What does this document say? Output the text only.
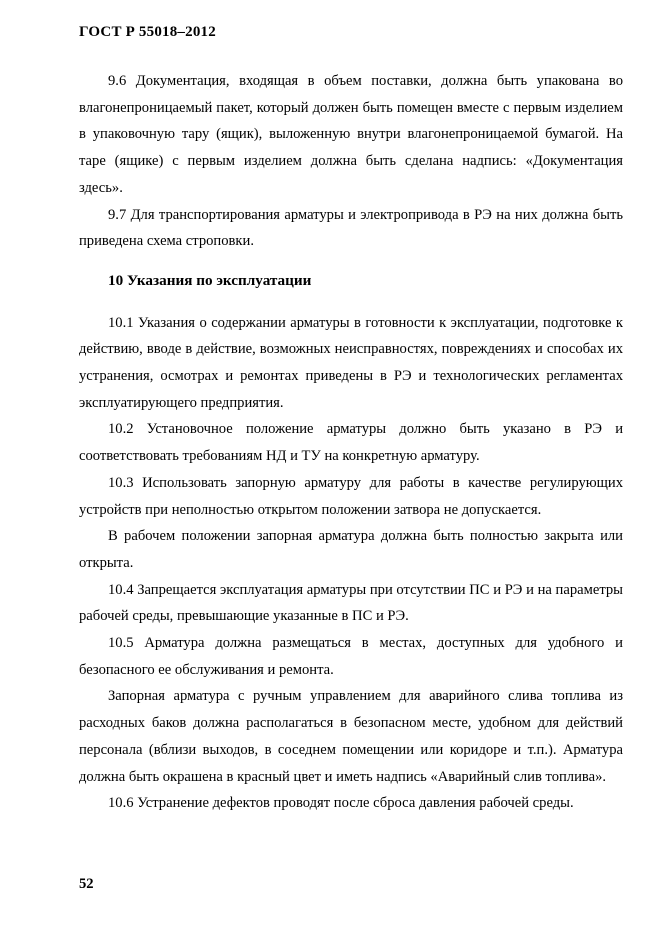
ГОСТ Р 55018–2012

9.6 Документация, входящая в объем поставки, должна быть упакована во влагонепроницаемый пакет, который должен быть помещен вместе с первым изделием в упаковочную тару (ящик), выложенную внутри влагонепроницаемой бумагой. На таре (ящике) с первым изделием должна быть сделана надпись: «Документация здесь».

9.7 Для транспортирования арматуры и электропривода в РЭ на них должна быть приведена схема строповки.

10 Указания по эксплуатации

10.1 Указания о содержании арматуры в готовности к эксплуатации, подготовке к действию, вводе в действие, возможных неисправностях, повреждениях и способах их устранения, осмотрах и ремонтах приведены в РЭ и технологических регламентах эксплуатирующего предприятия.

10.2 Установочное положение арматуры должно быть указано в РЭ и соответствовать требованиям НД и ТУ на конкретную арматуру.

10.3 Использовать запорную арматуру для работы в качестве регулирующих устройств при неполностью открытом положении затвора не допускается.

В рабочем положении запорная арматура должна быть полностью закрыта или открыта.

10.4 Запрещается эксплуатация арматуры при отсутствии ПС и РЭ и на параметры рабочей среды, превышающие указанные в ПС и РЭ.

10.5 Арматура должна размещаться в местах, доступных для удобного и безопасного ее обслуживания и ремонта.

Запорная арматура с ручным управлением для аварийного слива топлива из расходных баков должна располагаться в безопасном месте, удобном для действий персонала (вблизи выходов, в соседнем помещении или коридоре и т.п.). Арматура должна быть окрашена в красный цвет и иметь надпись «Аварийный слив топлива».

10.6 Устранение дефектов проводят после сброса давления рабочей среды.

52
